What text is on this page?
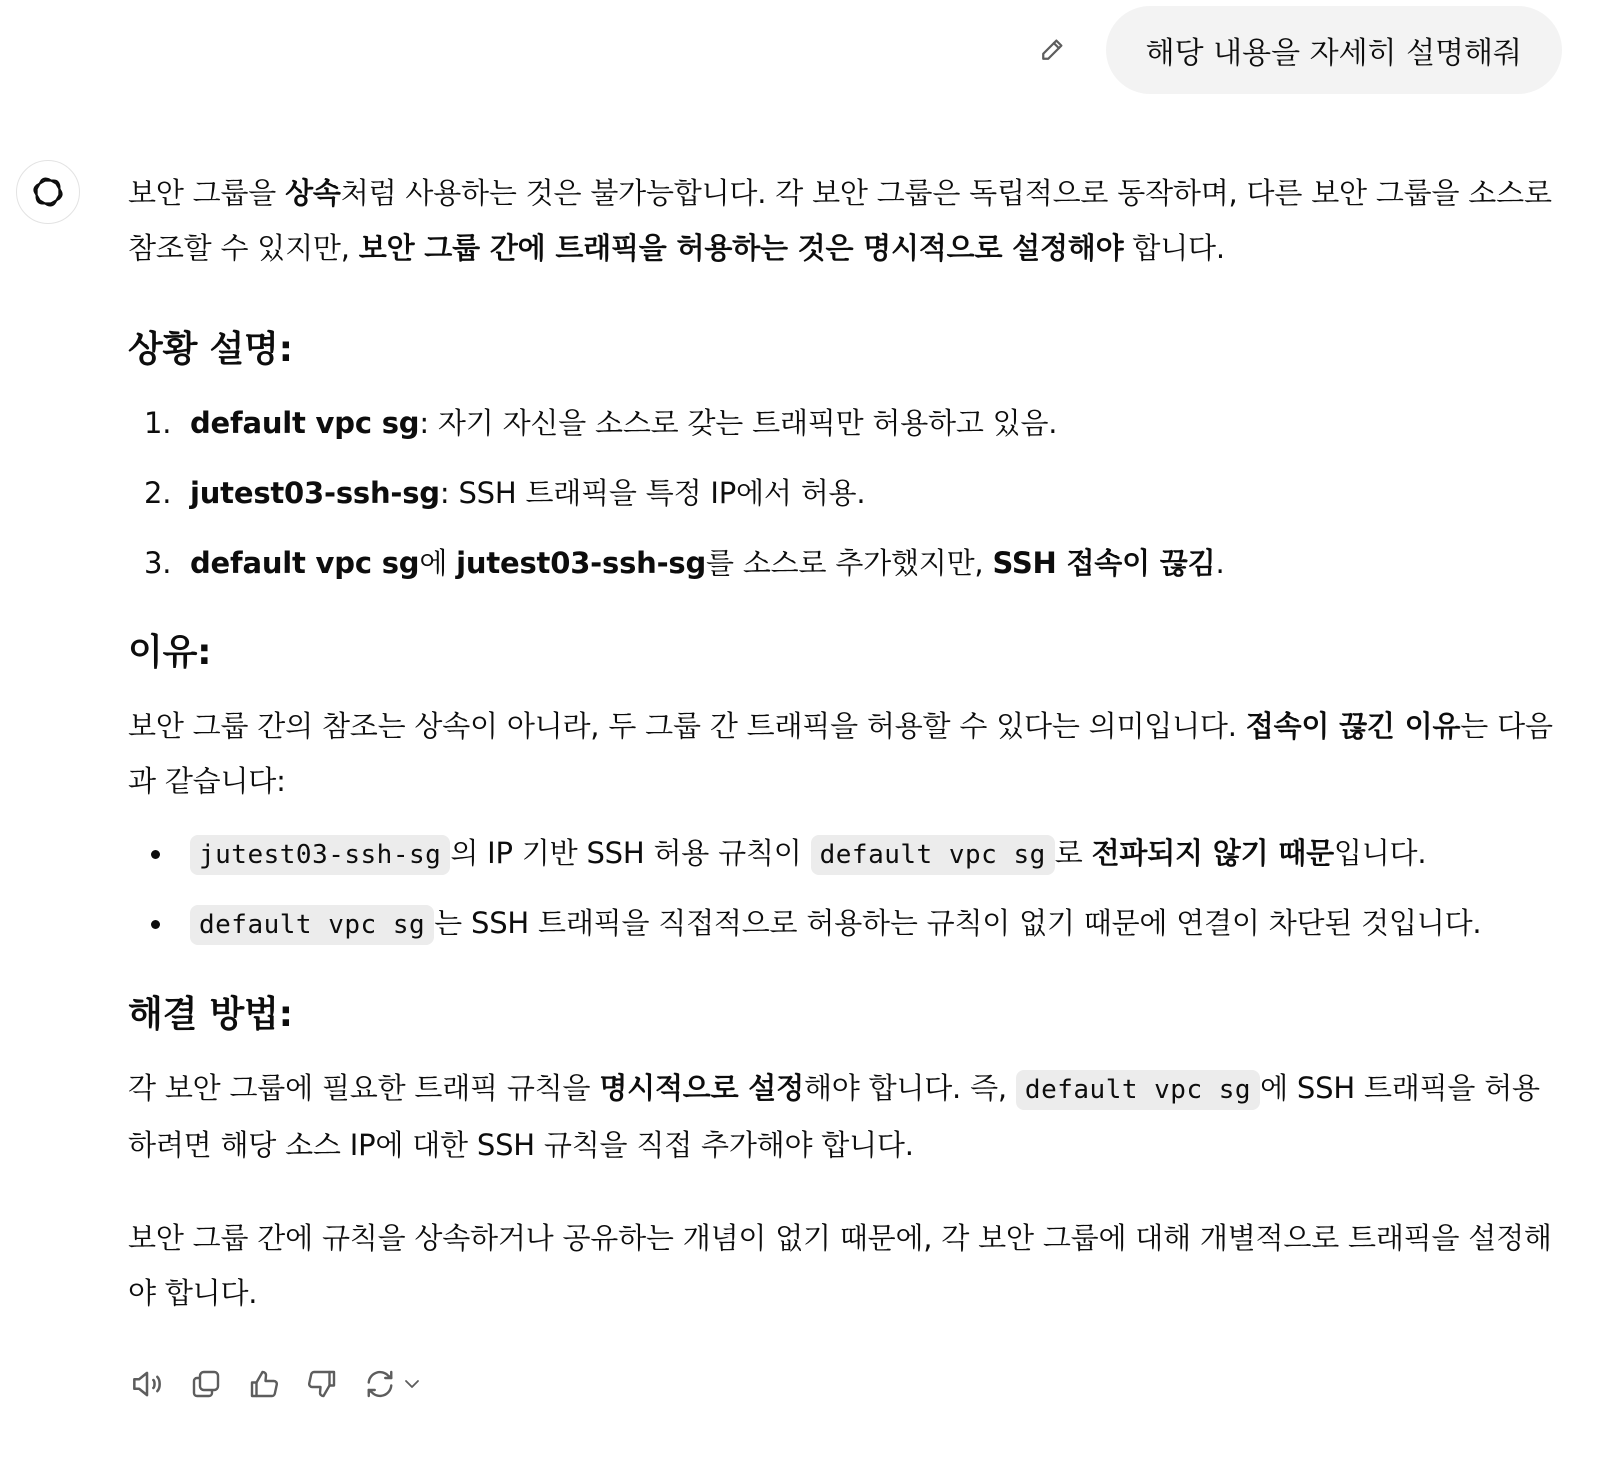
해당 내용을 자세히 설명해줘

보안 그룹을 상속처럼 사용하는 것은 불가능합니다. 각 보안 그룹은 독립적으로 동작하며, 다른 보안 그룹을 소스로 참조할 수 있지만, 보안 그룹 간에 트래픽을 허용하는 것은 명시적으로 설정해야 합니다.

상황 설명:
1. default vpc sg: 자기 자신을 소스로 갖는 트래픽만 허용하고 있음.
2. jutest03-ssh-sg: SSH 트래픽을 특정 IP에서 허용.
3. default vpc sg에 jutest03-ssh-sg를 소스로 추가했지만, SSH 접속이 끊김.
이유:

보안 그룹 간의 참조는 상속이 아니라, 두 그룹 간 트래픽을 허용할 수 있다는 의미입니다. 접속이 끊긴 이유는 다음과 같습니다:

jutest03-ssh-sg 의 IP 기반 SSH 허용 규칙이 default vpc sg 로 전파되지 않기 때문입니다.
default vpc sg 는 SSH 트래픽을 직접적으로 허용하는 규칙이 없기 때문에 연결이 차단된 것입니다.
해결 방법:

각 보안 그룹에 필요한 트래픽 규칙을 명시적으로 설정해야 합니다. 즉, default vpc sg 에 SSH 트래픽을 허용하려면 해당 소스 IP에 대한 SSH 규칙을 직접 추가해야 합니다.

보안 그룹 간에 규칙을 상속하거나 공유하는 개념이 없기 때문에, 각 보안 그룹에 대해 개별적으로 트래픽을 설정해야 합니다.
